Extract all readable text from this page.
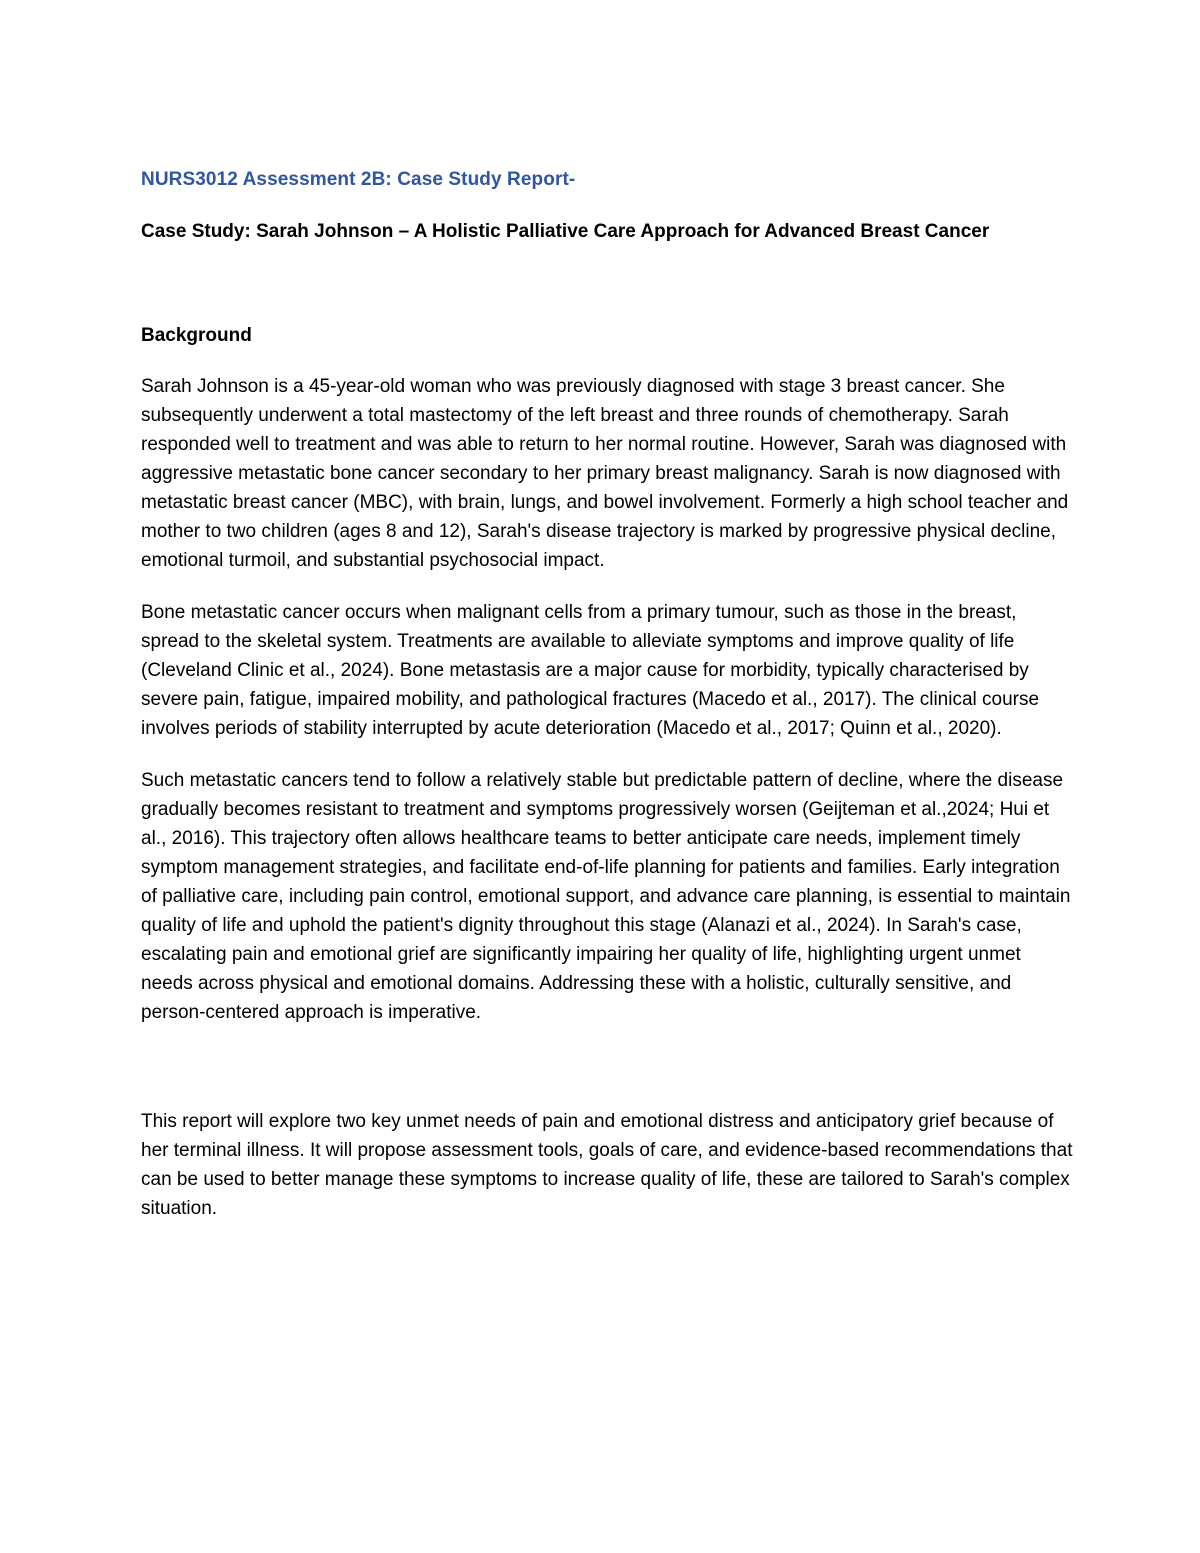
NURS3012 Assessment 2B: Case Study Report-
Case Study: Sarah Johnson – A Holistic Palliative Care Approach for Advanced Breast Cancer
Background

Sarah Johnson is a 45-year-old woman who was previously diagnosed with stage 3 breast cancer. She subsequently underwent a total mastectomy of the left breast and three rounds of chemotherapy. Sarah responded well to treatment and was able to return to her normal routine. However, Sarah was diagnosed with aggressive metastatic bone cancer secondary to her primary breast malignancy. Sarah is now diagnosed with metastatic breast cancer (MBC), with brain, lungs, and bowel involvement. Formerly a high school teacher and mother to two children (ages 8 and 12), Sarah's disease trajectory is marked by progressive physical decline, emotional turmoil, and substantial psychosocial impact.

Bone metastatic cancer occurs when malignant cells from a primary tumour, such as those in the breast, spread to the skeletal system. Treatments are available to alleviate symptoms and improve quality of life (Cleveland Clinic et al., 2024). Bone metastasis are a major cause for morbidity, typically characterised by severe pain, fatigue, impaired mobility, and pathological fractures (Macedo et al., 2017). The clinical course involves periods of stability interrupted by acute deterioration (Macedo et al., 2017; Quinn et al., 2020).

Such metastatic cancers tend to follow a relatively stable but predictable pattern of decline, where the disease gradually becomes resistant to treatment and symptoms progressively worsen (Geijteman et al.,2024; Hui et al., 2016). This trajectory often allows healthcare teams to better anticipate care needs, implement timely symptom management strategies, and facilitate end-of-life planning for patients and families. Early integration of palliative care, including pain control, emotional support, and advance care planning, is essential to maintain quality of life and uphold the patient's dignity throughout this stage (Alanazi et al., 2024). In Sarah's case, escalating pain and emotional grief are significantly impairing her quality of life, highlighting urgent unmet needs across physical and emotional domains. Addressing these with a holistic, culturally sensitive, and person-centered approach is imperative.

This report will explore two key unmet needs of pain and emotional distress and anticipatory grief because of her terminal illness. It will propose assessment tools, goals of care, and evidence-based recommendations that can be used to better manage these symptoms to increase quality of life, these are tailored to Sarah's complex situation.
